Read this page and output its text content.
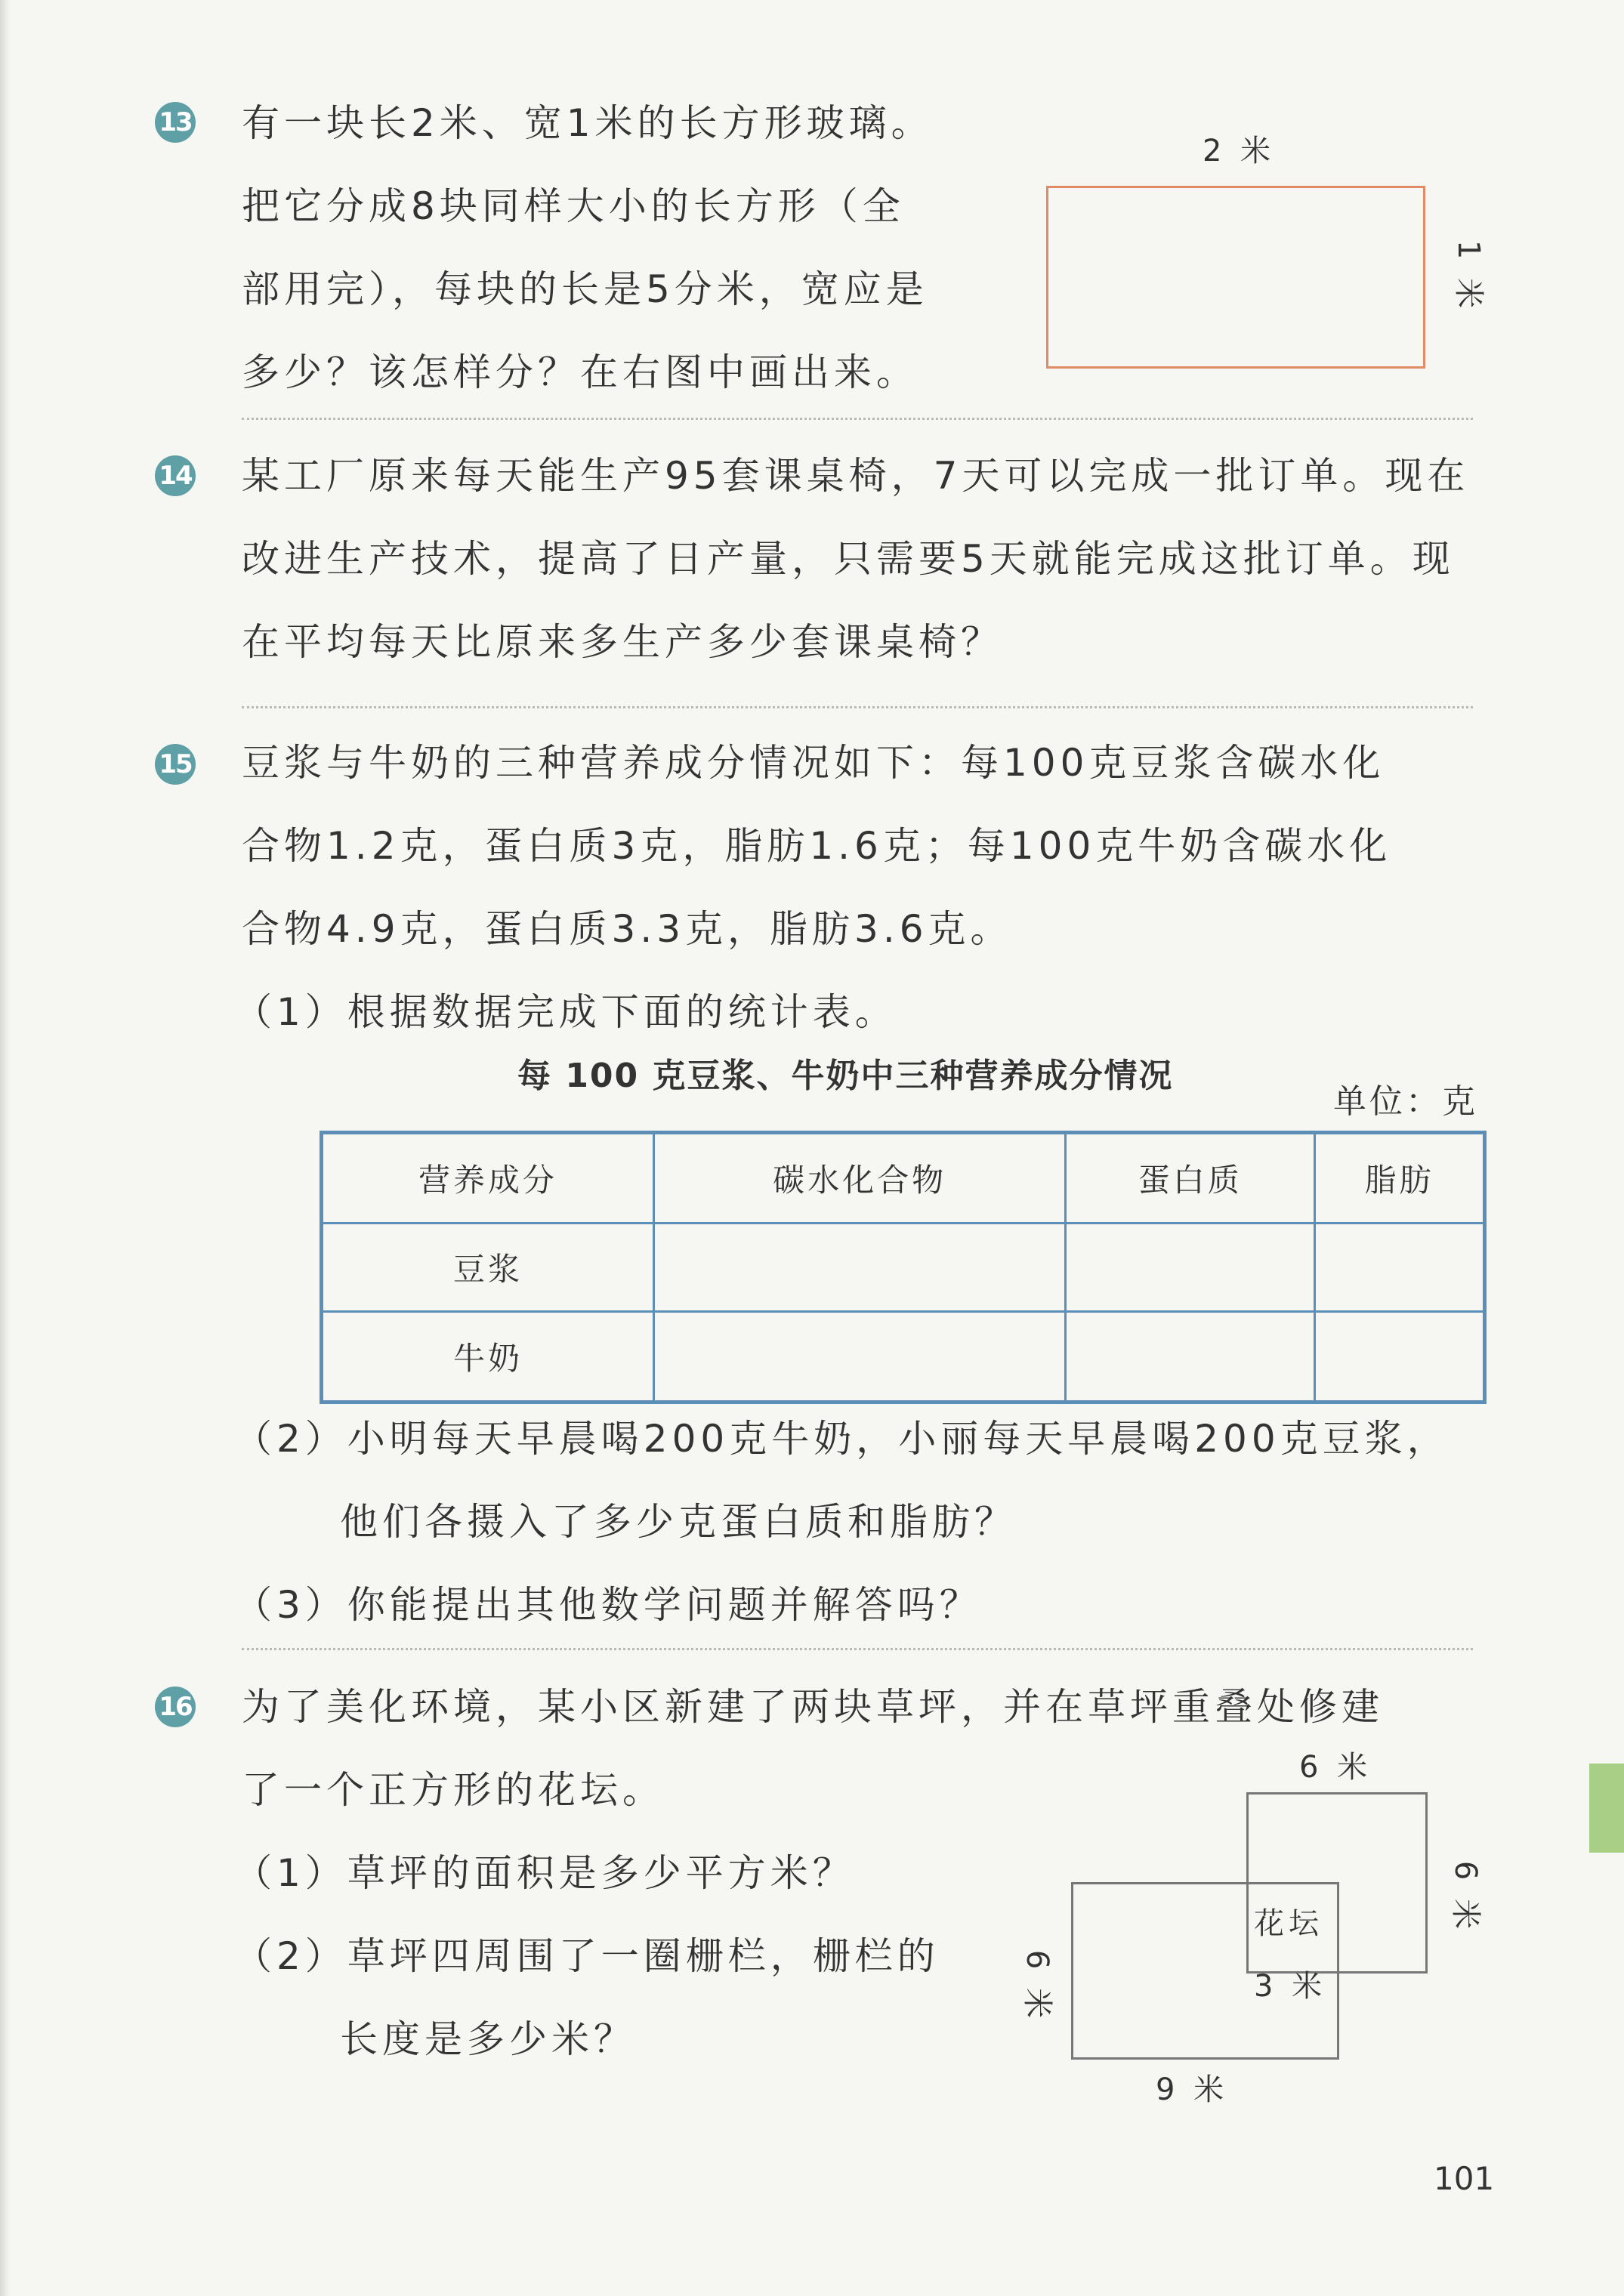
13 有一块长2米、宽1米的长方形玻璃。

把它分成8块同样大小的长方形（全

部用完），每块的长是5分米，宽应是

多少？该怎样分？在右图中画出来。

2 米
1 米
14 某工厂原来每天能生产95套课桌椅，7天可以完成一批订单。现在

改进生产技术，提高了日产量，只需要5天就能完成这批订单。现

在平均每天比原来多生产多少套课桌椅？

15 豆浆与牛奶的三种营养成分情况如下：每100克豆浆含碳水化

合物1.2克，蛋白质3克，脂肪1.6克；每100克牛奶含碳水化

合物4.9克，蛋白质3.3克，脂肪3.6克。

（1）根据数据完成下面的统计表。

每 100 克豆浆、牛奶中三种营养成分情况
单位：克
营养成分	碳水化合物	蛋白质	脂肪
豆浆			
牛奶			

（2）小明每天早晨喝200克牛奶，小丽每天早晨喝200克豆浆，

他们各摄入了多少克蛋白质和脂肪？

（3）你能提出其他数学问题并解答吗？

16 为了美化环境，某小区新建了两块草坪，并在草坪重叠处修建

了一个正方形的花坛。

（1）草坪的面积是多少平方米？

（2）草坪四周围了一圈栅栏，栅栏的

长度是多少米？

6 米
6 米
花坛
3 米
6 米
9 米
101
